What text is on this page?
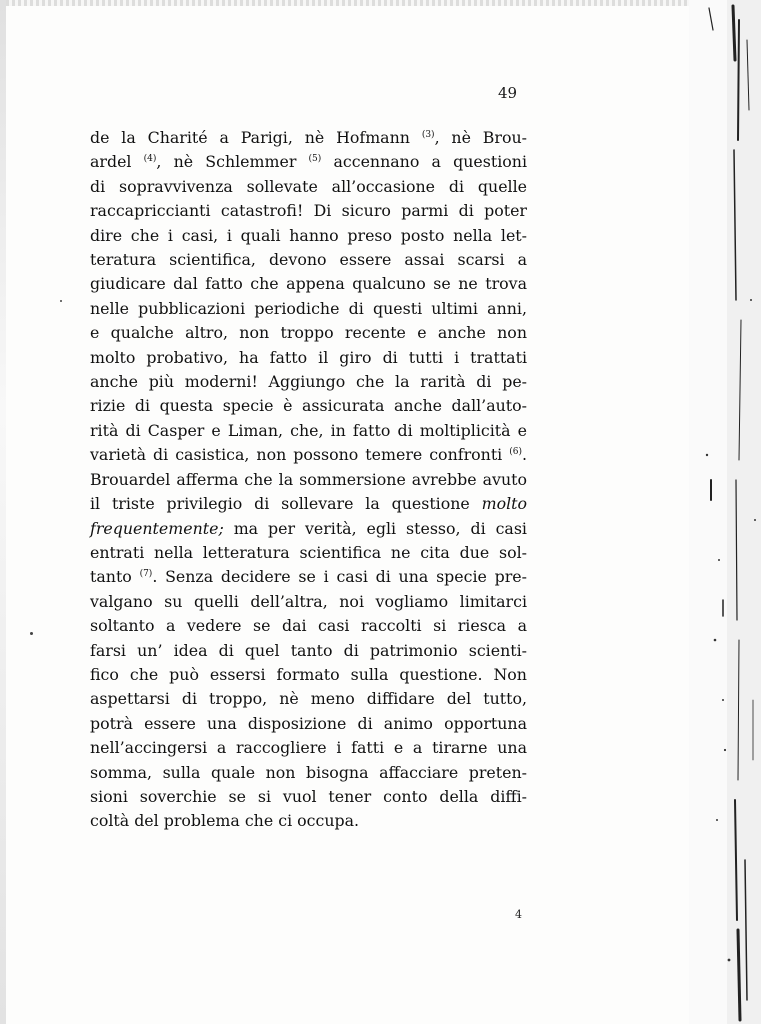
49
de la Charité a Parigi, nè Hofmann $^{(3)}$, nè Brou-
ardel $^{(4)}$, nè Schlemmer $^{(5)}$ accennano a questioni
di sopravvivenza sollevate all’occasione di quelle
raccapriccianti catastrofi! Di sicuro parmi di poter
dire che i casi, i quali hanno preso posto nella let-
teratura scientifica, devono essere assai scarsi a
giudicare dal fatto che appena qualcuno se ne trova
nelle pubblicazioni periodiche di questi ultimi anni,
e qualche altro, non troppo recente e anche non
molto probativo, ha fatto il giro di tutti i trattati
anche più moderni! Aggiungo che la rarità di pe-
rizie di questa specie è assicurata anche dall’auto-
rità di Casper e Liman, che, in fatto di moltiplicità e
varietà di casistica, non possono temere confronti $^{(6)}$.
Brouardel afferma che la sommersione avrebbe avuto
il triste privilegio di sollevare la questione molto
frequentemente; ma per verità, egli stesso, di casi
entrati nella letteratura scientifica ne cita due sol-
tanto $^{(7)}$. Senza decidere se i casi di una specie pre-
valgano su quelli dell’altra, noi vogliamo limitarci
soltanto a vedere se dai casi raccolti si riesca a
farsi un’ idea di quel tanto di patrimonio scienti-
fico che può essersi formato sulla questione. Non
aspettarsi di troppo, nè meno diffidare del tutto,
potrà essere una disposizione di animo opportuna
nell’accingersi a raccogliere i fatti e a tirarne una
somma, sulla quale non bisogna affacciare preten-
sioni soverchie se si vuol tener conto della diffi-
coltà del problema che ci occupa.
4
